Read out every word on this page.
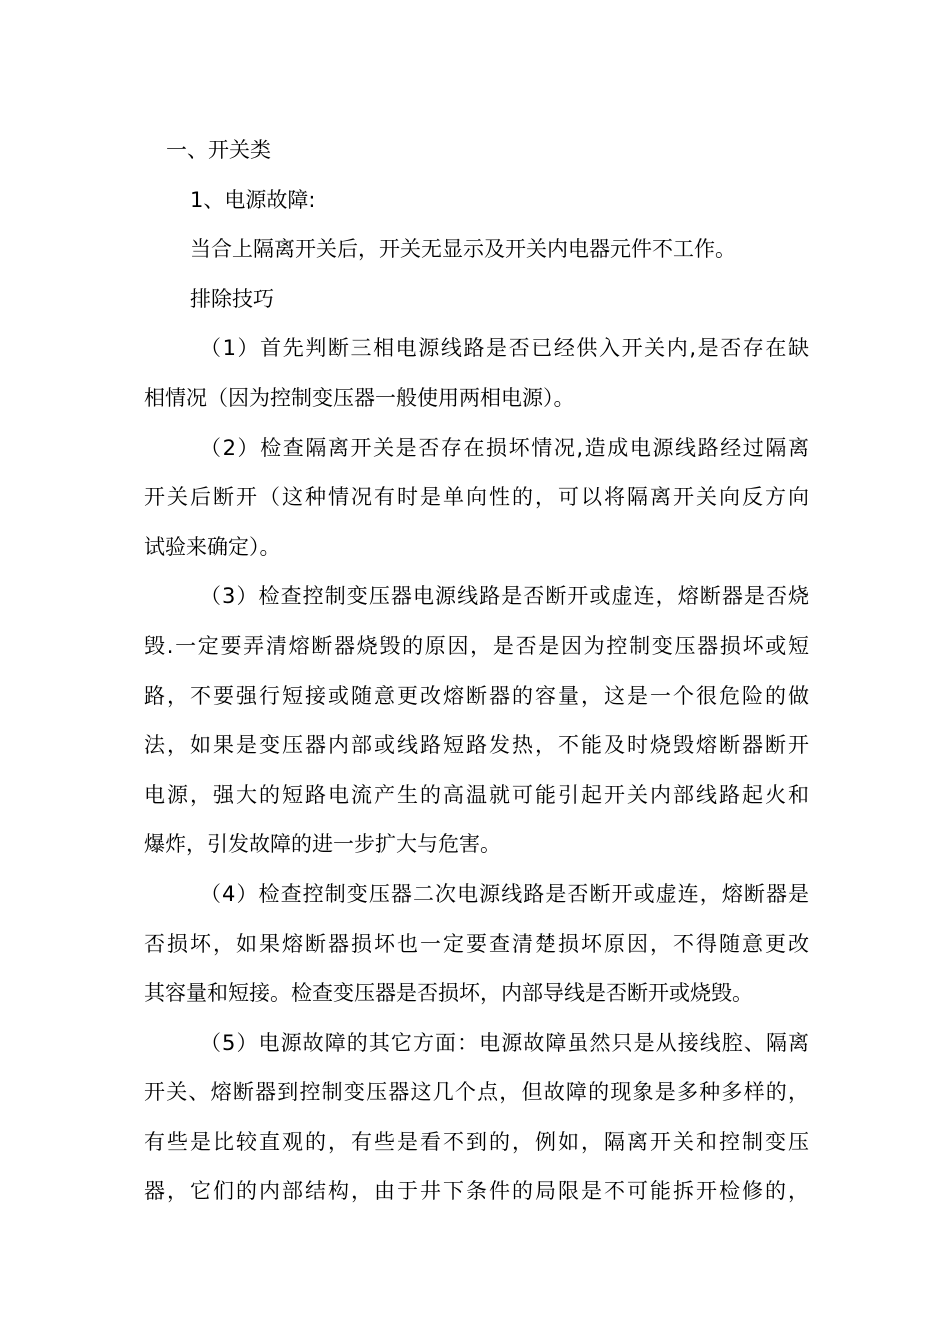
一、开关类
1、电源故障:
当合上隔离开关后，开关无显示及开关内电器元件不工作。
排除技巧
（1）首先判断三相电源线路是否已经供入开关内,是否存在缺
相情况（因为控制变压器一般使用两相电源）。
（2）检查隔离开关是否存在损坏情况,造成电源线路经过隔离
开关后断开（这种情况有时是单向性的，可以将隔离开关向反方向
试验来确定）。
（3）检查控制变压器电源线路是否断开或虚连，熔断器是否烧
毁.一定要弄清熔断器烧毁的原因，是否是因为控制变压器损坏或短
路，不要强行短接或随意更改熔断器的容量，这是一个很危险的做
法，如果是变压器内部或线路短路发热，不能及时烧毁熔断器断开
电源，强大的短路电流产生的高温就可能引起开关内部线路起火和
爆炸，引发故障的进一步扩大与危害。
（4）检查控制变压器二次电源线路是否断开或虚连，熔断器是
否损坏，如果熔断器损坏也一定要查清楚损坏原因，不得随意更改
其容量和短接。检查变压器是否损坏，内部导线是否断开或烧毁。
（5）电源故障的其它方面：电源故障虽然只是从接线腔、隔离
开关、熔断器到控制变压器这几个点，但故障的现象是多种多样的，
有些是比较直观的，有些是看不到的，例如，隔离开关和控制变压
器，它们的内部结构，由于井下条件的局限是不可能拆开检修的，
